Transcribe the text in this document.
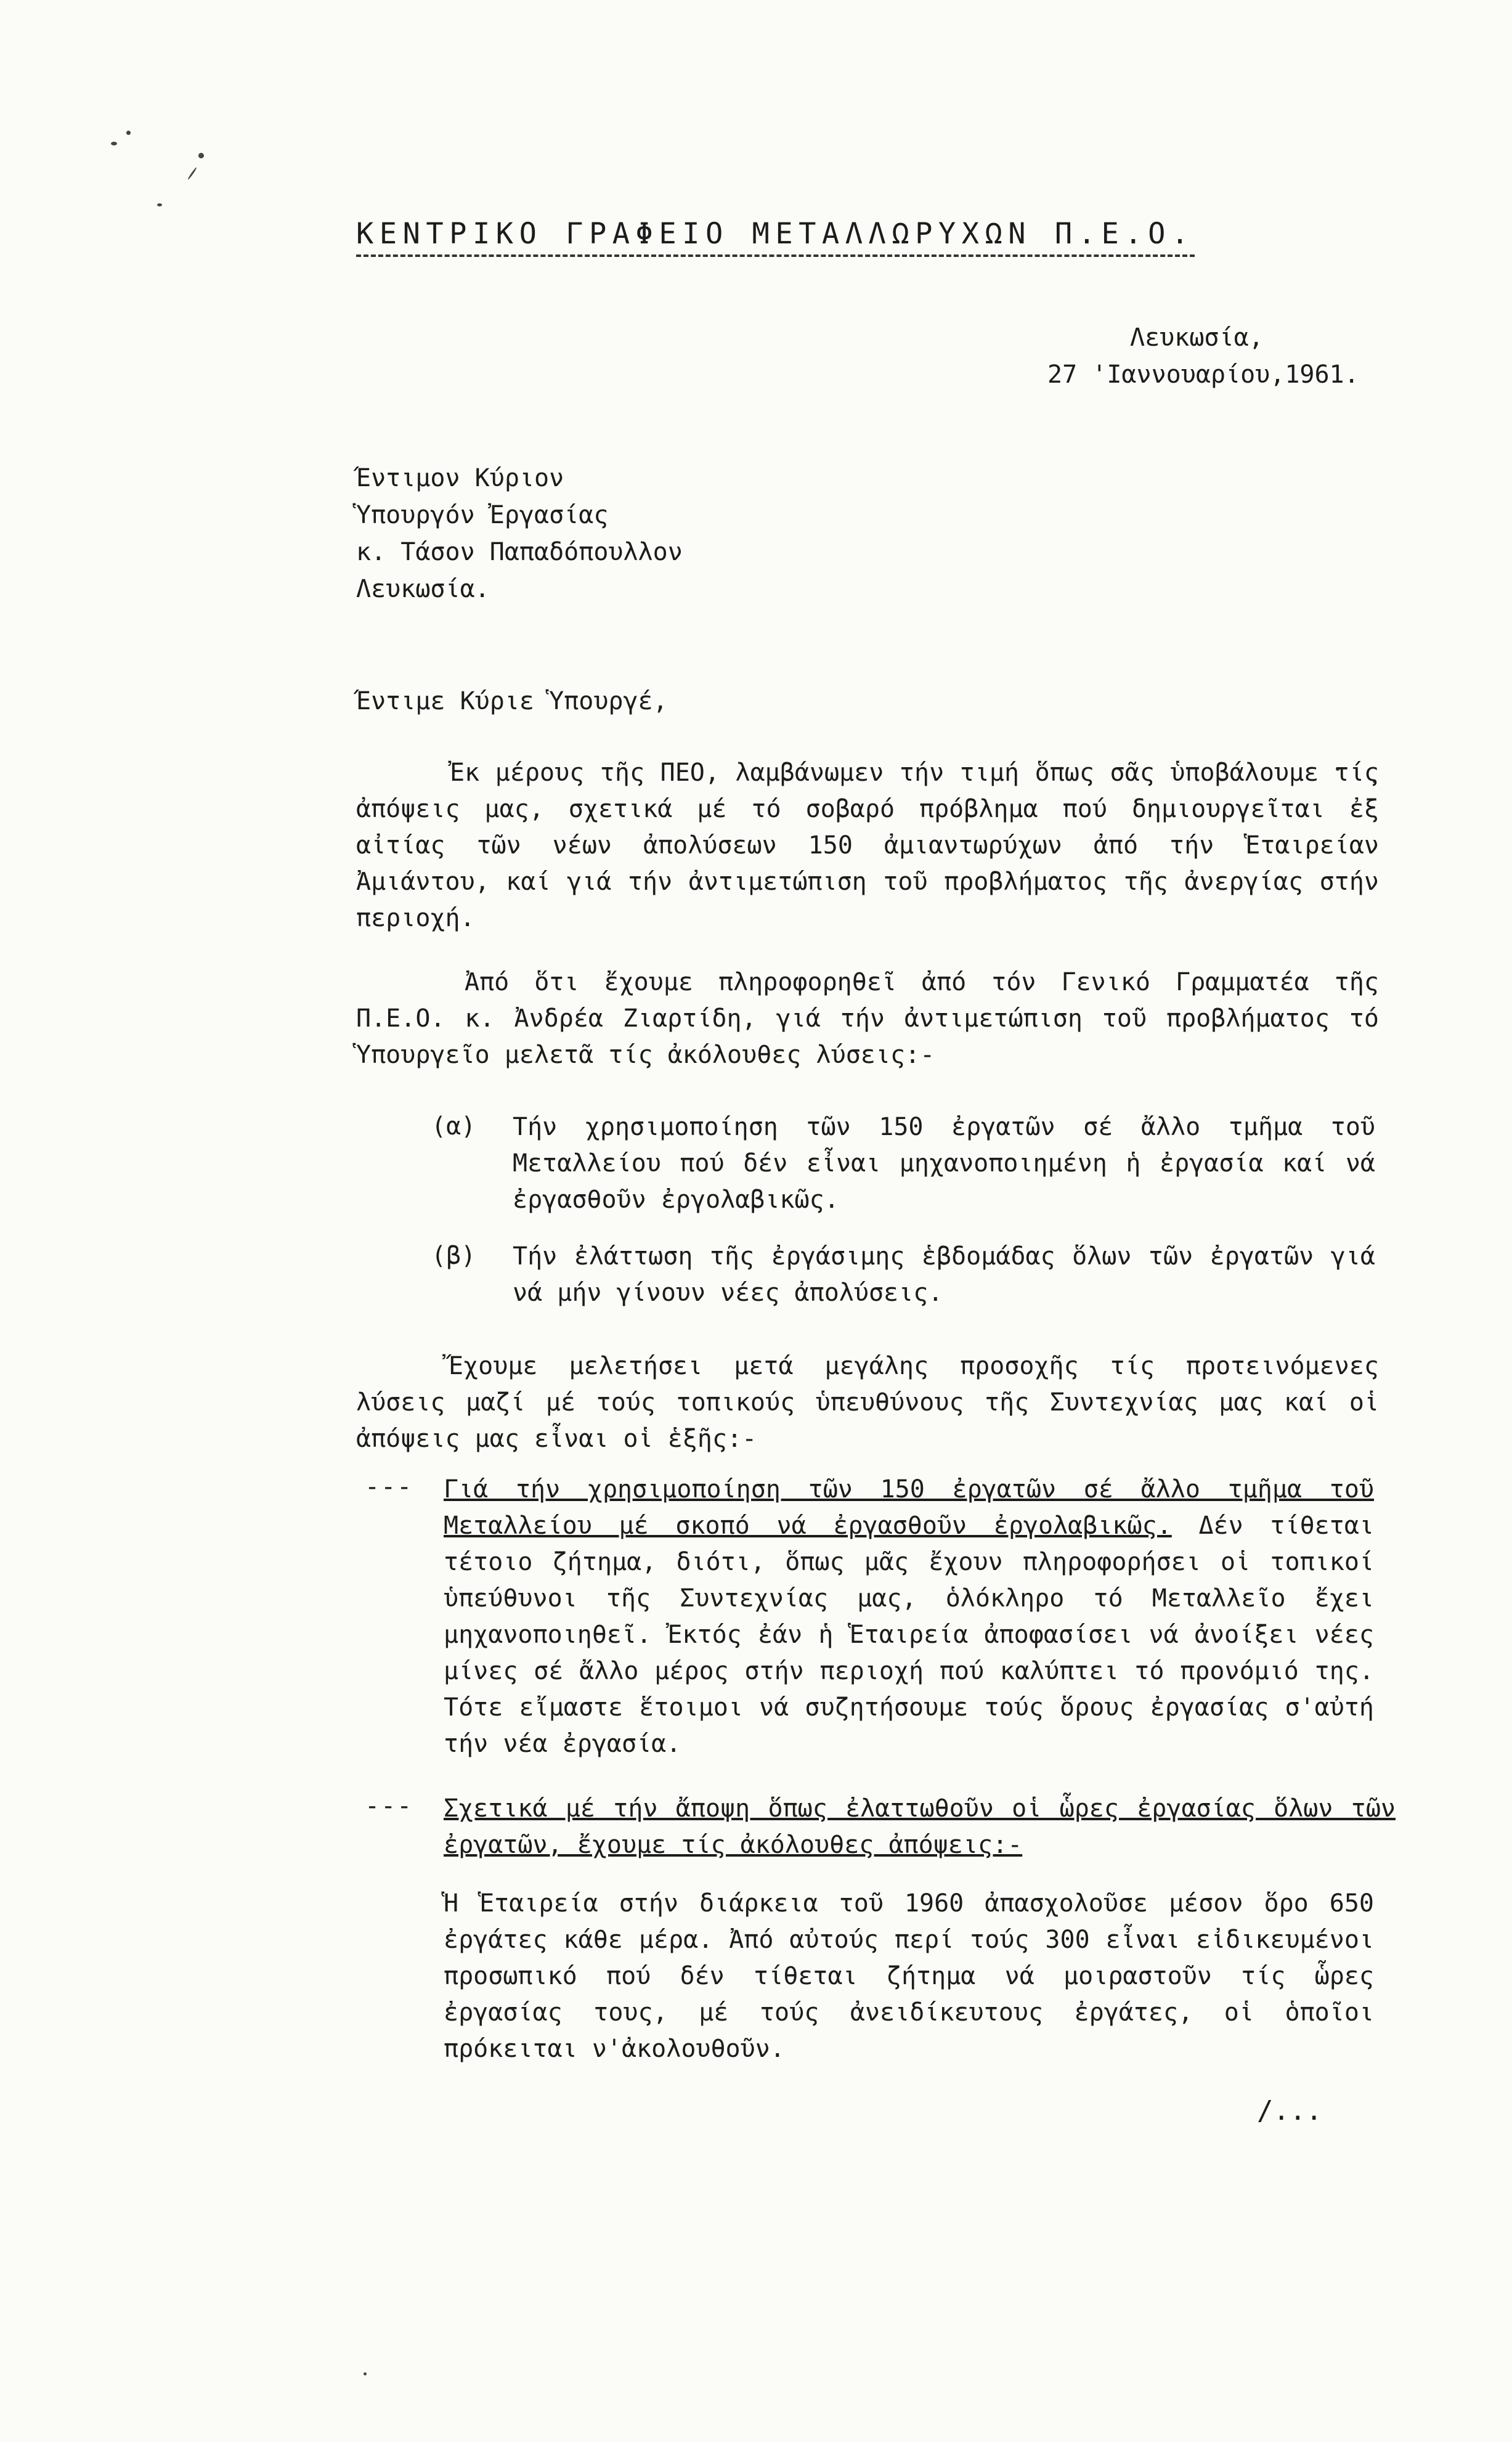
ΚΕΝΤΡΙΚΟ ΓΡΑΦΕΙΟ ΜΕΤΑΛΛΩΡΥΧΩΝ Π.Ε.Ο.
Λευκωσία,
27 'Ιαννουαρίου,1961.
Έντιμον Κύριον
Ὑπουργόν Ἐργασίας
κ. Τάσον Παπαδόπουλλον
Λευκωσία.
Έντιμε Κύριε Ὑπουργέ,
Ἐκ μέρους τῆς ΠΕΟ, λαμβάνωμεν τήν τιμή ὅπως σᾶς ὑποβάλουμε τίς ἀπόψεις μας, σχετικά μέ τό σοβαρό πρόβλημα πού δημιουργεῖται ἐξ αἰτίας τῶν νέων ἀπολύσεων 150 ἀμιαντωρύχων ἀπό τήν Ἑταιρείαν Ἀμιάντου, καί γιά τήν ἀντιμετώπιση τοῦ προβλήματος τῆς ἀνεργίας στήν περιοχή.
Ἀπό ὅτι ἔχουμε πληροφορηθεῖ ἀπό τόν Γενικό Γραμματέα τῆς Π.Ε.Ο. κ. Ἀνδρέα Ζιαρτίδη, γιά τήν ἀντιμετώπιση τοῦ προβλήματος τό Ὑπουργεῖο μελετᾶ τίς ἀκόλουθες λύσεις:-
(α) Τήν χρησιμοποίηση τῶν 150 ἐργατῶν σέ ἄλλο τμῆμα τοῦ Μεταλλείου πού δέν εἶναι μηχανοποιημένη ἡ ἐργασία καί νά ἐργασθοῦν ἐργολαβικῶς.
(β) Τήν ἐλάττωση τῆς ἐργάσιμης ἑβδομάδας ὅλων τῶν ἐργατῶν γιά νά μήν γίνουν νέες ἀπολύσεις.
Ἔχουμε μελετήσει μετά μεγάλης προσοχῆς τίς προτεινόμενες λύσεις μαζί μέ τούς τοπικούς ὑπευθύνους τῆς Συντεχνίας μας καί οἱ ἀπόψεις μας εἶναι οἱ ἑξῆς:-
--- Γιά τήν χρησιμοποίηση τῶν 150 ἐργατῶν σέ ἄλλο τμῆμα τοῦ Μεταλλείου μέ σκοπό νά ἐργασθοῦν ἐργολαβικῶς. Δέν τίθεται τέτοιο ζήτημα, διότι, ὅπως μᾶς ἔχουν πληροφορήσει οἱ τοπικοί ὑπεύθυνοι τῆς Συντεχνίας μας, ὁλόκληρο τό Μεταλλεῖο ἔχει μηχανοποιηθεῖ. Ἐκτός ἐάν ἡ Ἑταιρεία ἀποφασίσει νά ἀνοίξει νέες μίνες σέ ἄλλο μέρος στήν περιοχή πού καλύπτει τό προνόμιό της. Τότε εἴμαστε ἕτοιμοι νά συζητήσουμε τούς ὅρους ἐργασίας σ'αὐτή τήν νέα ἐργασία.
--- Σχετικά μέ τήν ἄποψη ὅπως ἐλαττωθοῦν οἱ ὧρες ἐργασίας ὅλων τῶν ἐργατῶν, ἔχουμε τίς ἀκόλουθες ἀπόψεις:-
Ἡ Ἑταιρεία στήν διάρκεια τοῦ 1960 ἀπασχολοῦσε μέσον ὅρο 650 ἐργάτες κάθε μέρα. Ἀπό αὐτούς περί τούς 300 εἶναι εἰδικευμένοι προσωπικό πού δέν τίθεται ζήτημα νά μοιραστοῦν τίς ὧρες ἐργασίας τους, μέ τούς ἀνειδίκευτους ἐργάτες, οἱ ὁποῖοι πρόκειται ν'ἀκολουθοῦν.
/...
